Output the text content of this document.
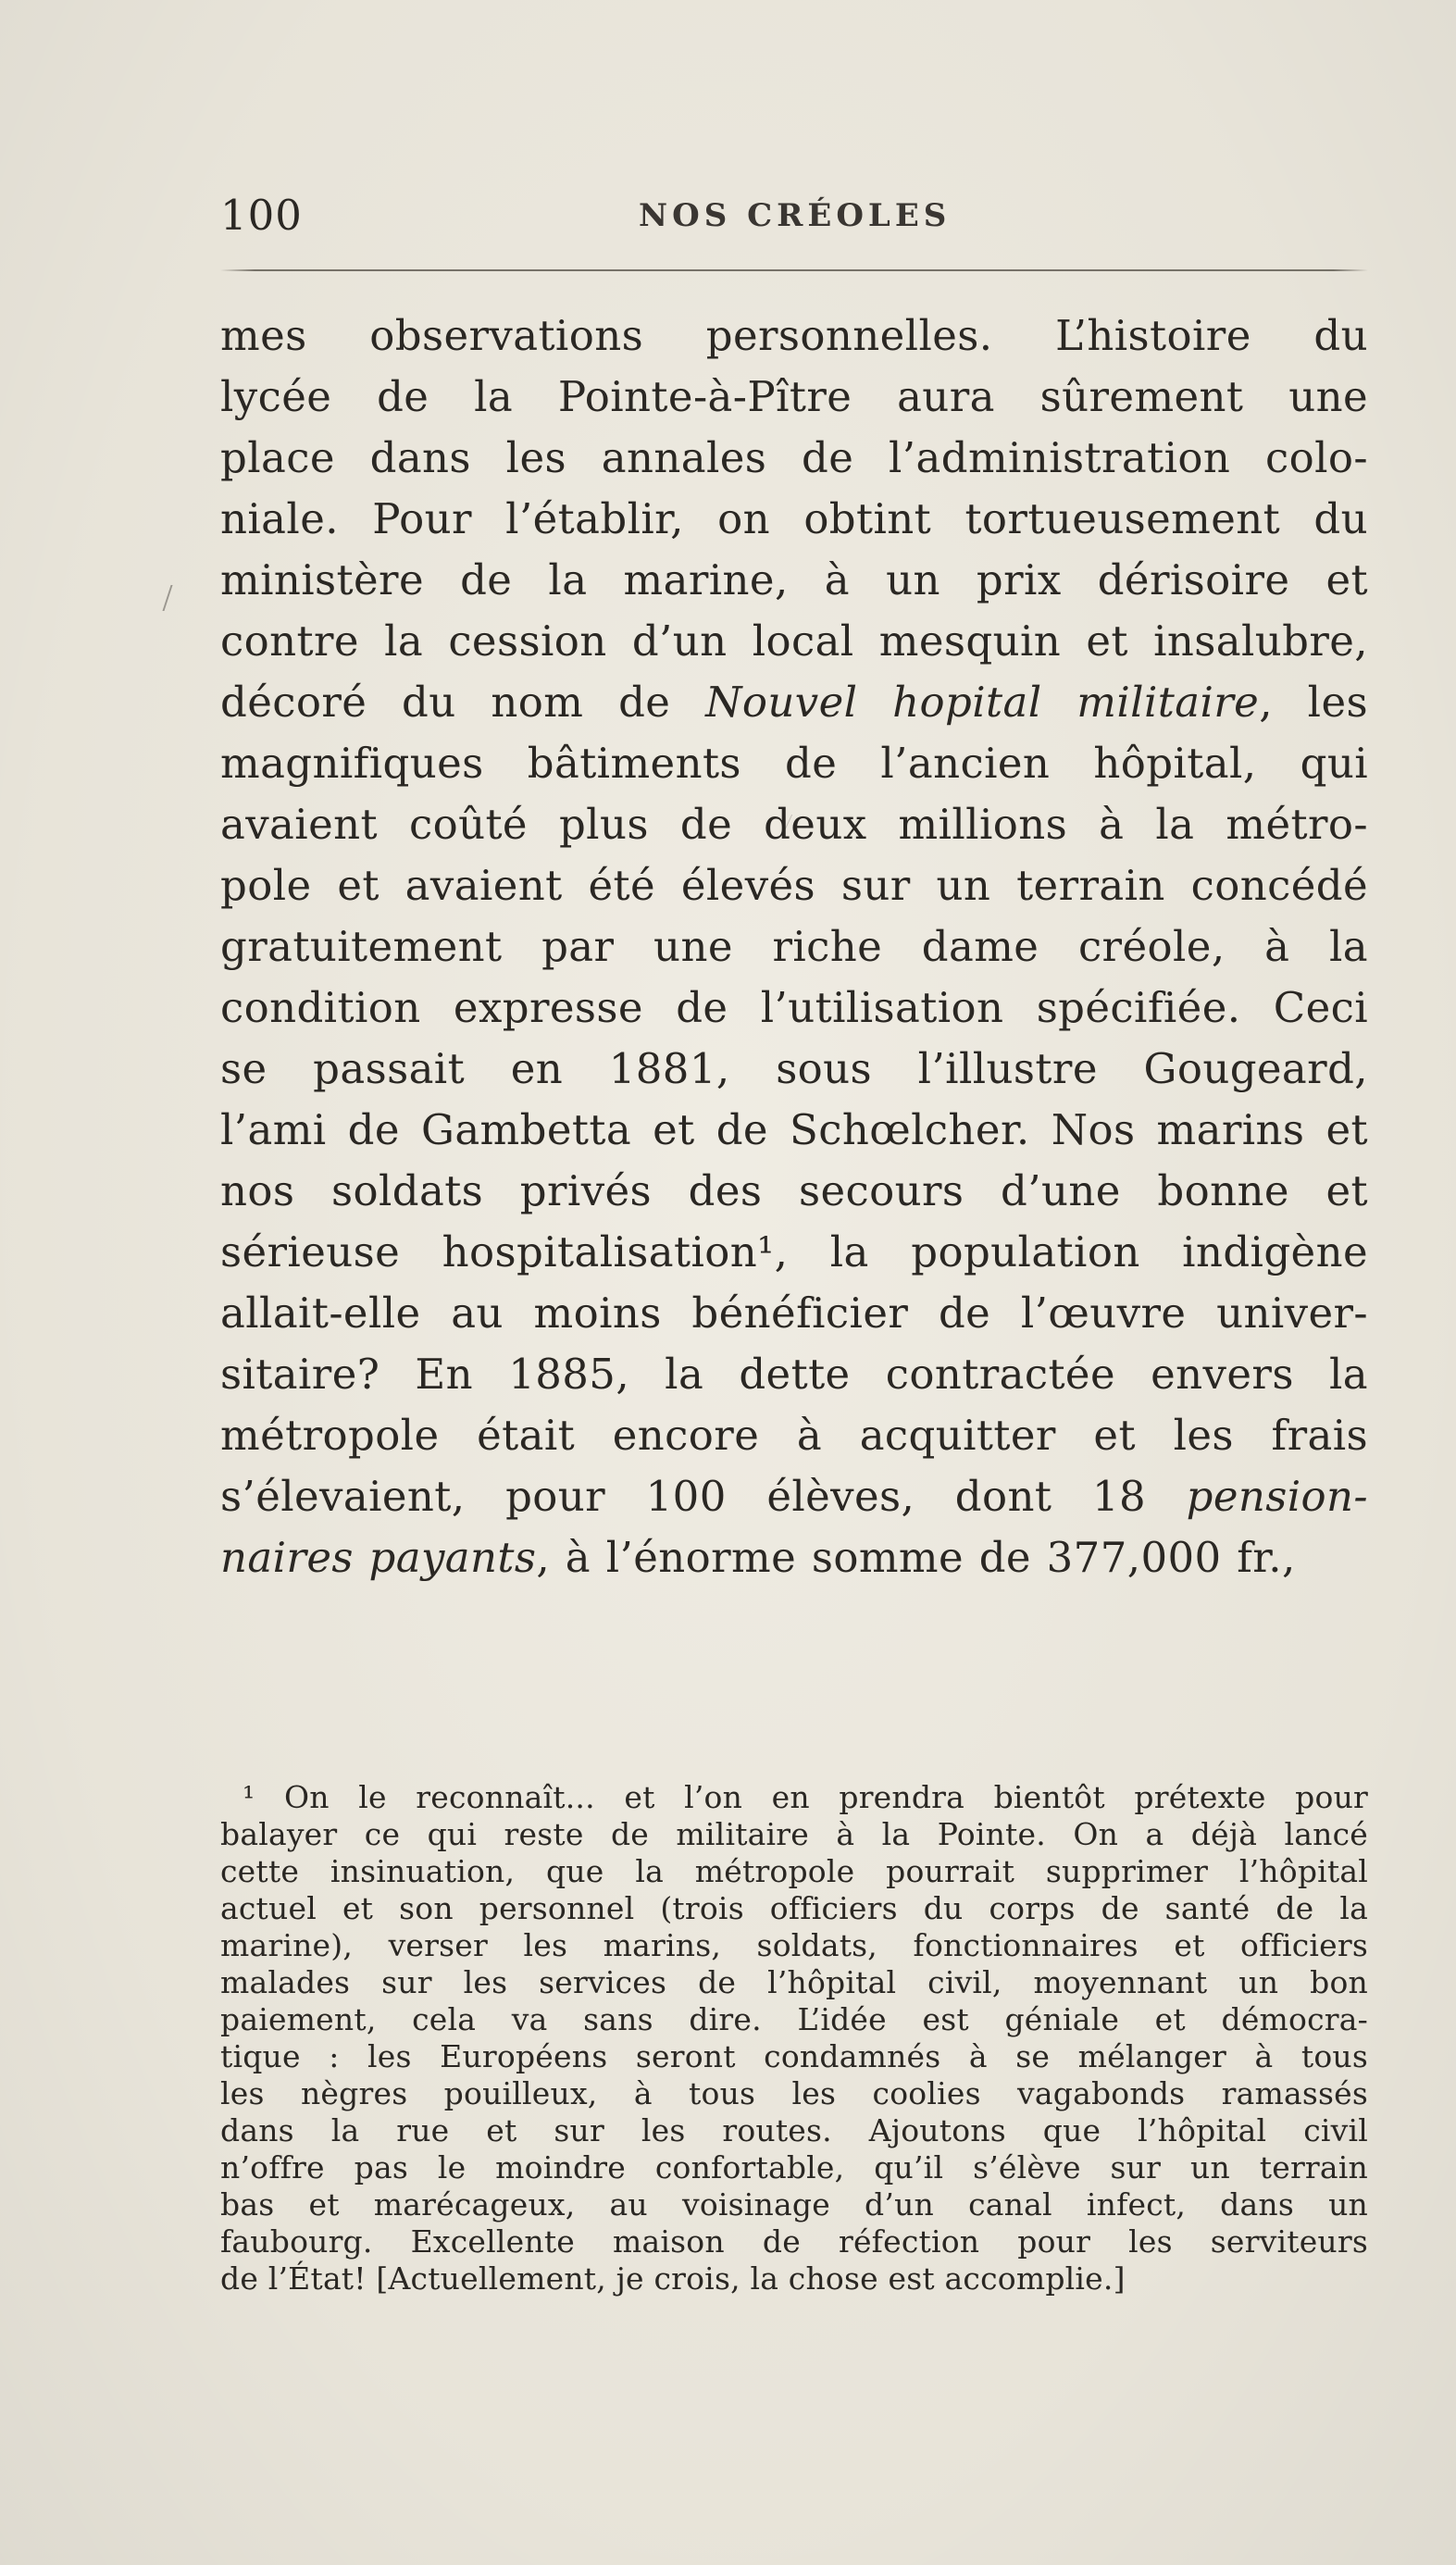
100	NOS CRÉOLES
mes observations personnelles. L’histoire du
lycée de la Pointe-à-Pître aura sûrement une
place dans les annales de l’administration colo-
niale. Pour l’établir, on obtint tortueusement du
ministère de la marine, à un prix dérisoire et
contre la cession d’un local mesquin et insalubre,
décoré du nom de Nouvel hopital militaire, les
magnifiques bâtiments de l’ancien hôpital, qui
avaient coûté plus de deux millions à la métro-
pole et avaient été élevés sur un terrain concédé
gratuitement par une riche dame créole, à la
condition expresse de l’utilisation spécifiée. Ceci
se passait en 1881, sous l’illustre Gougeard,
l’ami de Gambetta et de Schœlcher. Nos marins et
nos soldats privés des secours d’une bonne et
sérieuse hospitalisation¹, la population indigène
allait-elle au moins bénéficier de l’œuvre univer-
sitaire? En 1885, la dette contractée envers la
métropole était encore à acquitter et les frais
s’élevaient, pour 100 élèves, dont 18 pension-
naires payants, à l’énorme somme de 377,000 fr.,
¹ On le reconnaît... et l’on en prendra bientôt prétexte pour
balayer ce qui reste de militaire à la Pointe. On a déjà lancé
cette insinuation, que la métropole pourrait supprimer l’hôpital
actuel et son personnel (trois officiers du corps de santé de la
marine), verser les marins, soldats, fonctionnaires et officiers
malades sur les services de l’hôpital civil, moyennant un bon
paiement, cela va sans dire. L’idée est géniale et démocra-
tique : les Européens seront condamnés à se mélanger à tous
les nègres pouilleux, à tous les coolies vagabonds ramassés
dans la rue et sur les routes. Ajoutons que l’hôpital civil
n’offre pas le moindre confortable, qu’il s’élève sur un terrain
bas et marécageux, au voisinage d’un canal infect, dans un
faubourg. Excellente maison de réfection pour les serviteurs
de l’État! [Actuellement, je crois, la chose est accomplie.]
